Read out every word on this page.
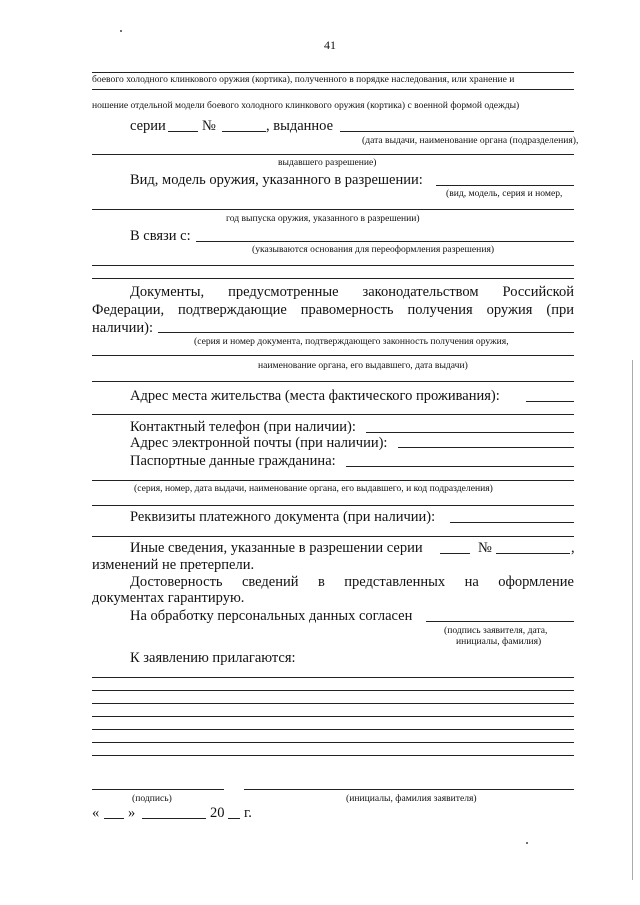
41
боевого холодного клинкового оружия (кортика), полученного в порядке наследования, или хранение и
ношение отдельной модели боевого холодного клинкового оружия (кортика) с военной формой одежды)
серии №	, выданное
(дата выдачи, наименование органа (подразделения),
выдавшего разрешение)
Вид, модель оружия, указанного в разрешении:
(вид, модель, серия и номер,
год выпуска оружия, указанного в разрешении)
В связи с:
(указываются основания для переоформления разрешения)
Документы, предусмотренные законодательством Российской
Федерации, подтверждающие правомерность получения оружия (при
наличии):
(серия и номер документа, подтверждающего законность получения оружия,
наименование органа, его выдавшего, дата выдачи)
Адрес места жительства (места фактического проживания):
Контактный телефон (при наличии):
Адрес электронной почты (при наличии):
Паспортные данные гражданина:
(серия, номер, дата выдачи, наименование органа, его выдавшего, и код подразделения)
Реквизиты платежного документа (при наличии):
Иные сведения, указанные в разрешении серии	№	,
изменений не претерпели.
Достоверность сведений в представленных на оформление
документах гарантирую.
На обработку персональных данных согласен
(подпись заявителя, дата,
инициалы, фамилия)
К заявлению прилагаются:
(подпись)	(инициалы, фамилия заявителя)
« »	20 г.
